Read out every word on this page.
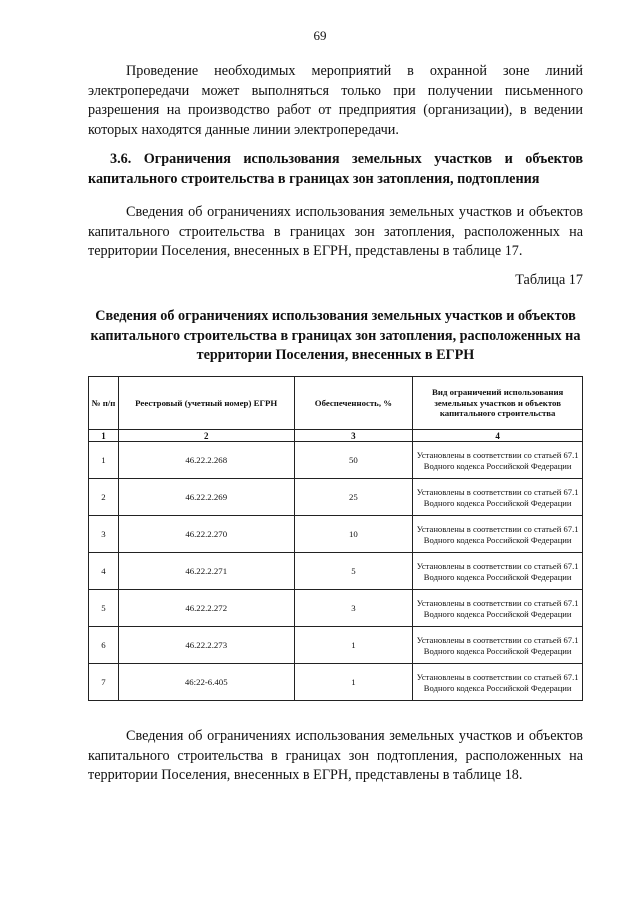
69

Проведение необходимых мероприятий в охранной зоне линий электропередачи может выполняться только при получении письменного разрешения на производство работ от предприятия (организации), в ведении которых находятся данные линии электропередачи.

3.6. Ограничения использования земельных участков и объектов капитального строительства в границах зон затопления, подтопления

Сведения об ограничениях использования земельных участков и объектов капитального строительства в границах зон затопления, расположенных на территории Поселения, внесенных в ЕГРН, представлены в таблице 17.

Таблица 17

Сведения об ограничениях использования земельных участков и объектов капитального строительства в границах зон затопления, расположенных на территории Поселения, внесенных в ЕГРН

№ п/п	Реестровый (учетный номер) ЕГРН	Обеспеченность, %	Вид ограничений использования земельных участков и объектов капитального строительства
1	2	3	4
1	46.22.2.268	50	Установлены в соответствии со статьей 67.1 Водного кодекса Российской Федерации
2	46.22.2.269	25	Установлены в соответствии со статьей 67.1 Водного кодекса Российской Федерации
3	46.22.2.270	10	Установлены в соответствии со статьей 67.1 Водного кодекса Российской Федерации
4	46.22.2.271	5	Установлены в соответствии со статьей 67.1 Водного кодекса Российской Федерации
5	46.22.2.272	3	Установлены в соответствии со статьей 67.1 Водного кодекса Российской Федерации
6	46.22.2.273	1	Установлены в соответствии со статьей 67.1 Водного кодекса Российской Федерации
7	46:22-6.405	1	Установлены в соответствии со статьей 67.1 Водного кодекса Российской Федерации

Сведения об ограничениях использования земельных участков и объектов капитального строительства в границах зон подтопления, расположенных на территории Поселения, внесенных в ЕГРН, представлены в таблице 18.
